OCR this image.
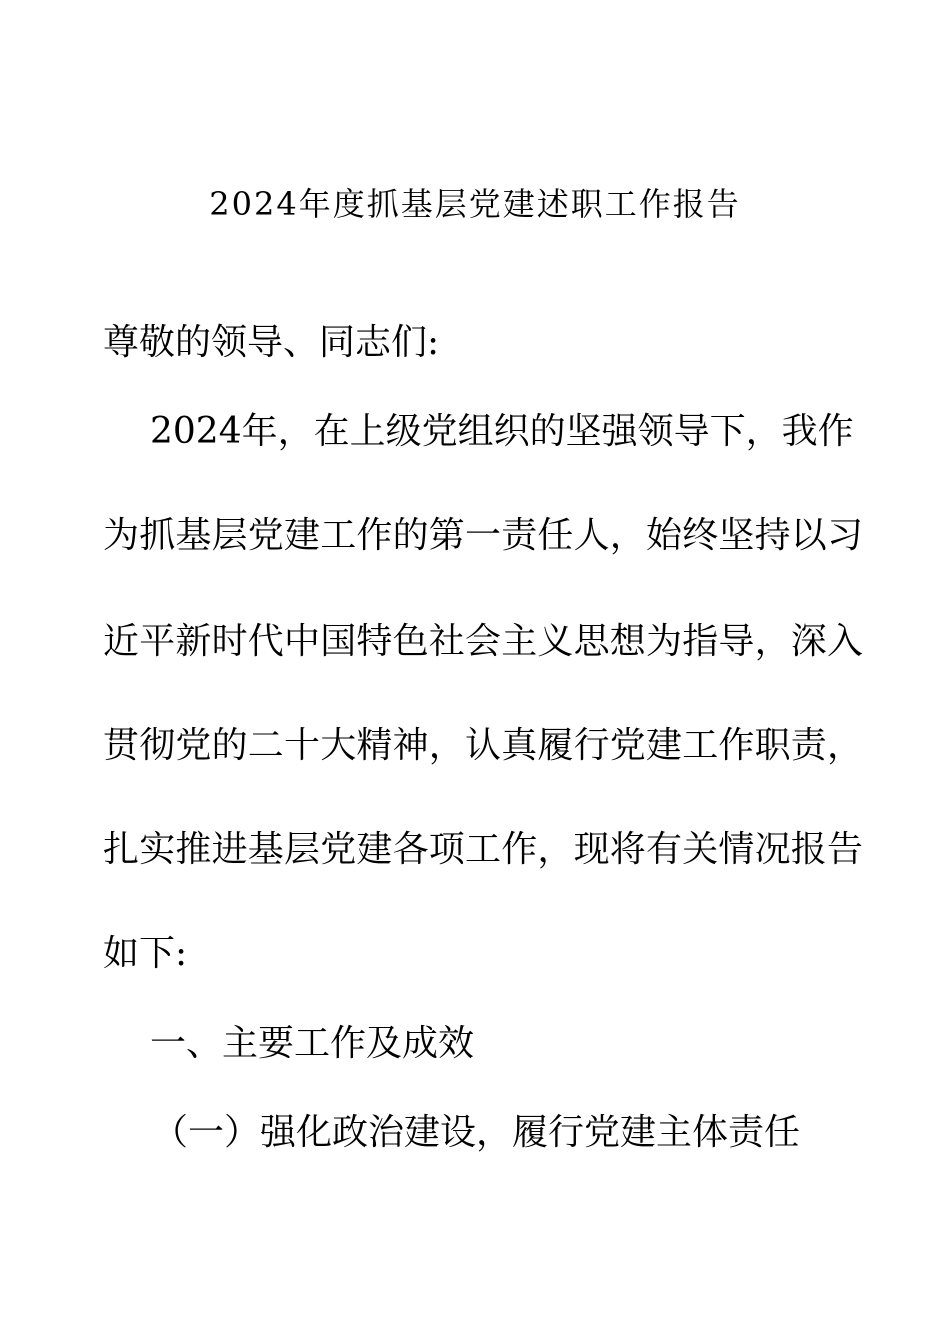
2024年度抓基层党建述职工作报告
尊敬的领导、同志们:
2024年，在上级党组织的坚强领导下，我作
为抓基层党建工作的第一责任人，始终坚持以习
近平新时代中国特色社会主义思想为指导，深入
贯彻党的二十大精神，认真履行党建工作职责，
扎实推进基层党建各项工作，现将有关情况报告
如下:
一、主要工作及成效
（一）强化政治建设，履行党建主体责任
